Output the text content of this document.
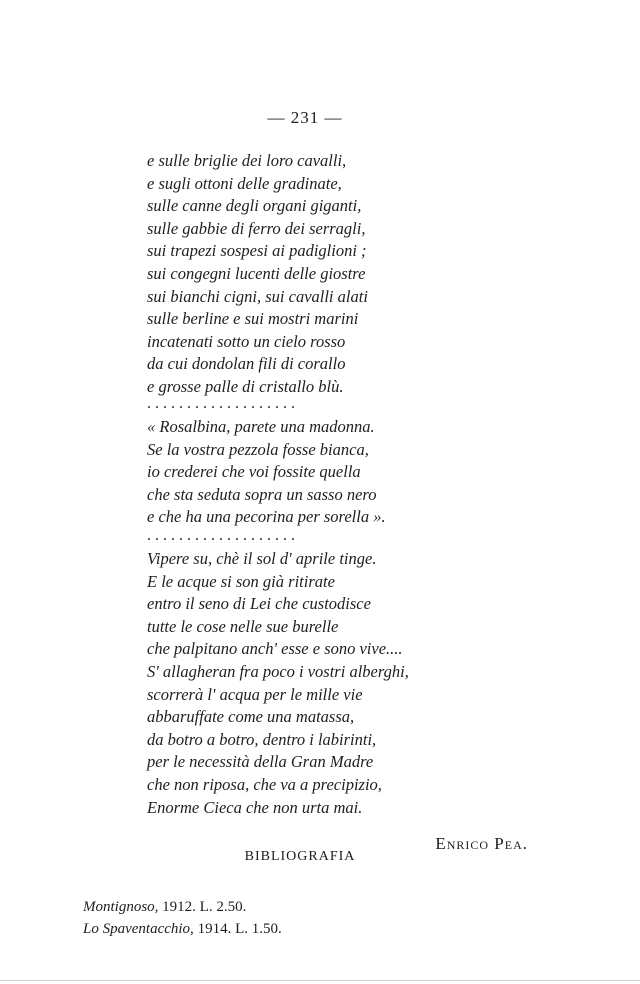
— 231 —
e sulle briglie dei loro cavalli,
e sugli ottoni delle gradinate,
sulle canne degli organi giganti,
sulle gabbie di ferro dei serragli,
sui trapezi sospesi ai padiglioni ;
sui congegni lucenti delle giostre
sui bianchi cigni, sui cavalli alati
sulle berline e sui mostri marini
incatenati sotto un cielo rosso
da cui dondolan fili di corallo
e grosse palle di cristallo blù.
. . . . . . . . . . . . . . . . . . .
« Rosalbina, parete una madonna.
Se la vostra pezzola fosse bianca,
io crederei che voi fossite quella
che sta seduta sopra un sasso nero
e che ha una pecorina per sorella ».
. . . . . . . . . . . . . . . . . . .
Vipere su, chè il sol d' aprile tinge.
E le acque si son già ritirate
entro il seno di Lei che custodisce
tutte le cose nelle sue burelle
che palpitano anch' esse e sono vive....
S' allagheran fra poco i vostri alberghi,
scorrerà l' acqua per le mille vie
abbaruffate come una matassa,
da botro a botro, dentro i labirinti,
per le necessità della Gran Madre
che non riposa, che va a precipizio,
Enorme Cieca che non urta mai.
Enrico Pea.
BIBLIOGRAFIA
Montignoso, 1912. L. 2.50.
Lo Spaventacchio, 1914. L. 1.50.
